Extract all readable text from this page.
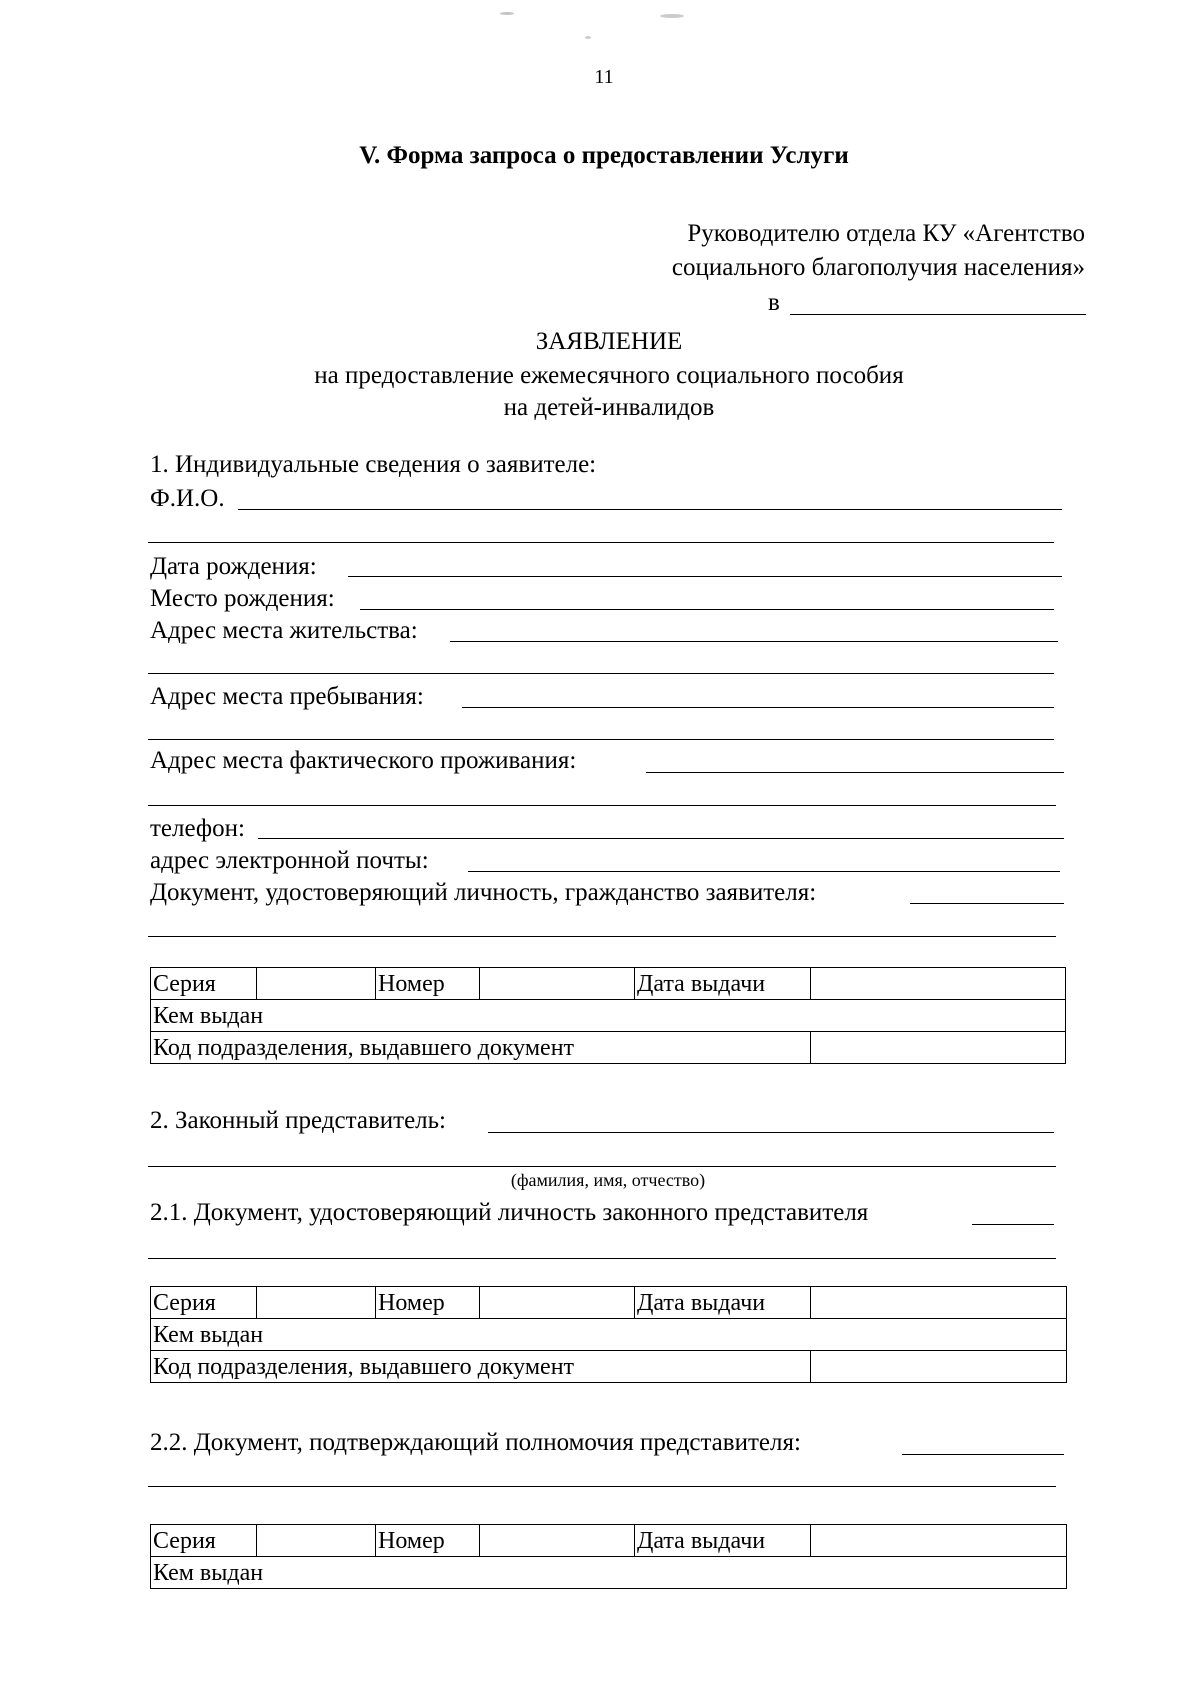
11
V. Форма запроса о предоставлении Услуги
Руководителю отдела КУ «Агентство
социального благополучия населения»
в
ЗАЯВЛЕНИЕ
на предоставление ежемесячного социального пособия
на детей-инвалидов
1. Индивидуальные сведения о заявителе:
Ф.И.О.
Дата рождения:
Место рождения:
Адрес места жительства:
Адрес места пребывания:
Адрес места фактического проживания:
телефон:
адрес электронной почты:
Документ, удостоверяющий личность, гражданство заявителя:
Серия		Номер		Дата выдачи	
Кем выдан					
Код подразделения, выдавшего документ					
2. Законный представитель:
(фамилия, имя, отчество)
2.1. Документ, удостоверяющий личность законного представителя
Серия		Номер		Дата выдачи	
Кем выдан					
Код подразделения, выдавшего документ					
2.2. Документ, подтверждающий полномочия представителя:
Серия		Номер		Дата выдачи	
Кем выдан
